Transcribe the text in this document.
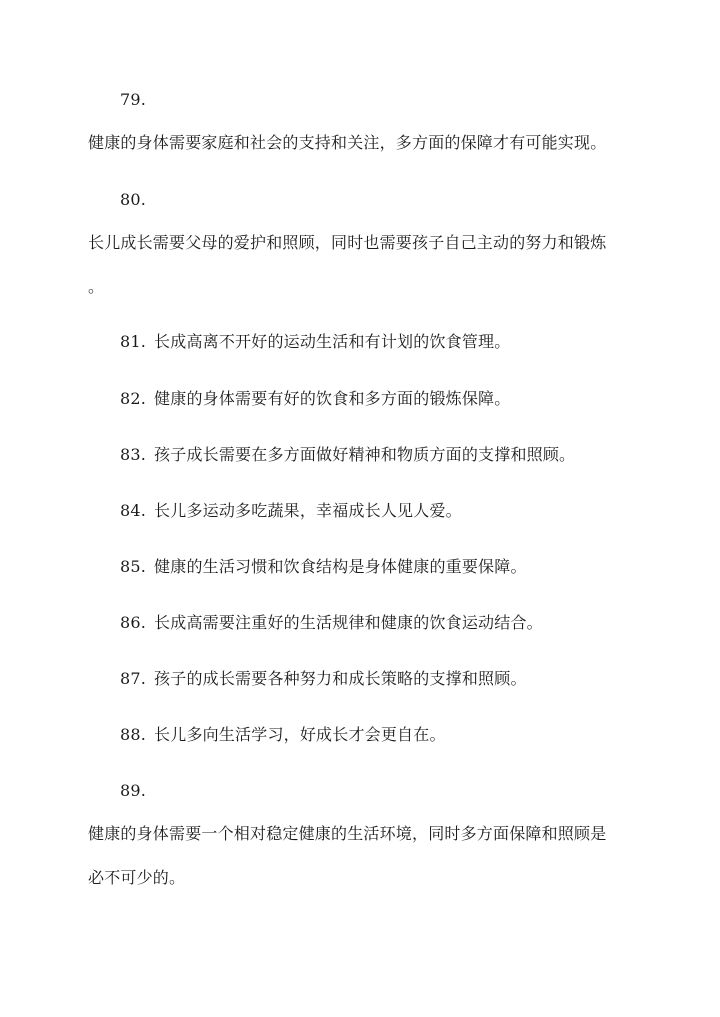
79.
健康的身体需要家庭和社会的支持和关注，多方面的保障才有可能实现。
80.
长儿成长需要父母的爱护和照顾，同时也需要孩子自己主动的努力和锻炼
。
81. 长成高离不开好的运动生活和有计划的饮食管理。
82. 健康的身体需要有好的饮食和多方面的锻炼保障。
83. 孩子成长需要在多方面做好精神和物质方面的支撑和照顾。
84. 长儿多运动多吃蔬果，幸福成长人见人爱。
85. 健康的生活习惯和饮食结构是身体健康的重要保障。
86. 长成高需要注重好的生活规律和健康的饮食运动结合。
87. 孩子的成长需要各种努力和成长策略的支撑和照顾。
88. 长儿多向生活学习，好成长才会更自在。
89.
健康的身体需要一个相对稳定健康的生活环境，同时多方面保障和照顾是
必不可少的。
